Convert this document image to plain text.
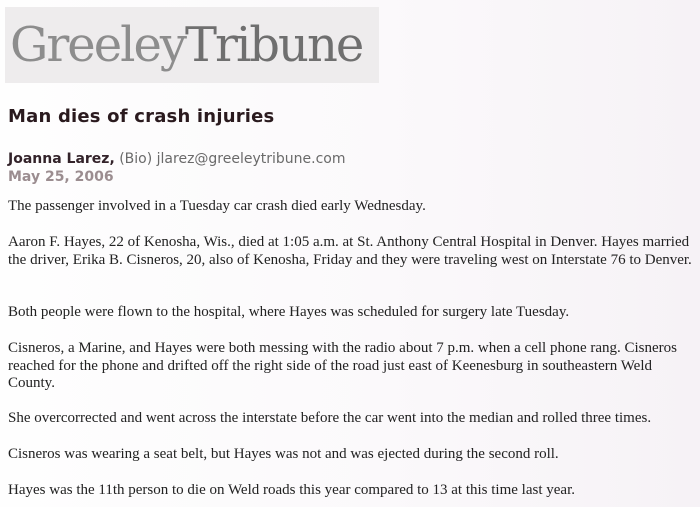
GreeleyTribune
Man dies of crash injuries
Joanna Larez, (Bio) jlarez@greeleytribune.com
May 25, 2006

The passenger involved in a Tuesday car crash died early Wednesday.

Aaron F. Hayes, 22 of Kenosha, Wis., died at 1:05 a.m. at St. Anthony Central Hospital in Denver. Hayes married the driver, Erika B. Cisneros, 20, also of Kenosha, Friday and they were traveling west on Interstate 76 to Denver.

Both people were flown to the hospital, where Hayes was scheduled for surgery late Tuesday.

Cisneros, a Marine, and Hayes were both messing with the radio about 7 p.m. when a cell phone rang. Cisneros reached for the phone and drifted off the right side of the road just east of Keenesburg in southeastern Weld County.

She overcorrected and went across the interstate before the car went into the median and rolled three times.

Cisneros was wearing a seat belt, but Hayes was not and was ejected during the second roll.

Hayes was the 11th person to die on Weld roads this year compared to 13 at this time last year.
